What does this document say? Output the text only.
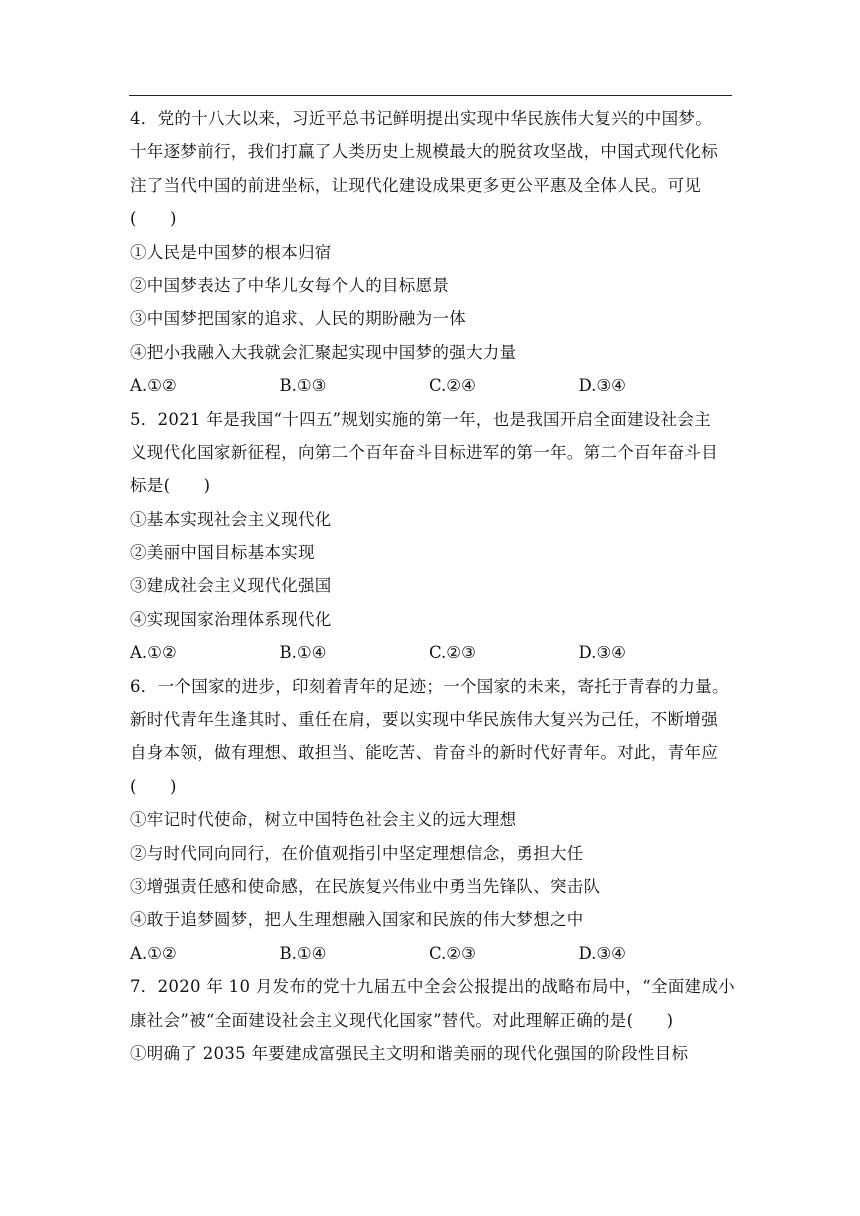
4．党的十八大以来，习近平总书记鲜明提出实现中华民族伟大复兴的中国梦。
十年逐梦前行，我们打赢了人类历史上规模最大的脱贫攻坚战，中国式现代化标
注了当代中国的前进坐标，让现代化建设成果更多更公平惠及全体人民。可见
(      )
①人民是中国梦的根本归宿
②中国梦表达了中华儿女每个人的目标愿景
③中国梦把国家的追求、人民的期盼融为一体
④把小我融入大我就会汇聚起实现中国梦的强大力量
A.①②	B.①③	C.②④	D.③④
5．2021 年是我国“十四五”规划实施的第一年，也是我国开启全面建设社会主
义现代化国家新征程，向第二个百年奋斗目标进军的第一年。第二个百年奋斗目
标是(      )
①基本实现社会主义现代化
②美丽中国目标基本实现
③建成社会主义现代化强国
④实现国家治理体系现代化
A.①②	B.①④	C.②③	D.③④
6．一个国家的进步，印刻着青年的足迹；一个国家的未来，寄托于青春的力量。
新时代青年生逢其时、重任在肩，要以实现中华民族伟大复兴为己任，不断增强
自身本领，做有理想、敢担当、能吃苦、肯奋斗的新时代好青年。对此，青年应
(      )
①牢记时代使命，树立中国特色社会主义的远大理想
②与时代同向同行，在价值观指引中坚定理想信念，勇担大任
③增强责任感和使命感，在民族复兴伟业中勇当先锋队、突击队
④敢于追梦圆梦，把人生理想融入国家和民族的伟大梦想之中
A.①②	B.①④	C.②③	D.③④
7．2020 年 10 月发布的党十九届五中全会公报提出的战略布局中，“全面建成小
康社会”被“全面建设社会主义现代化国家”替代。对此理解正确的是(      )
①明确了 2035 年要建成富强民主文明和谐美丽的现代化强国的阶段性目标
